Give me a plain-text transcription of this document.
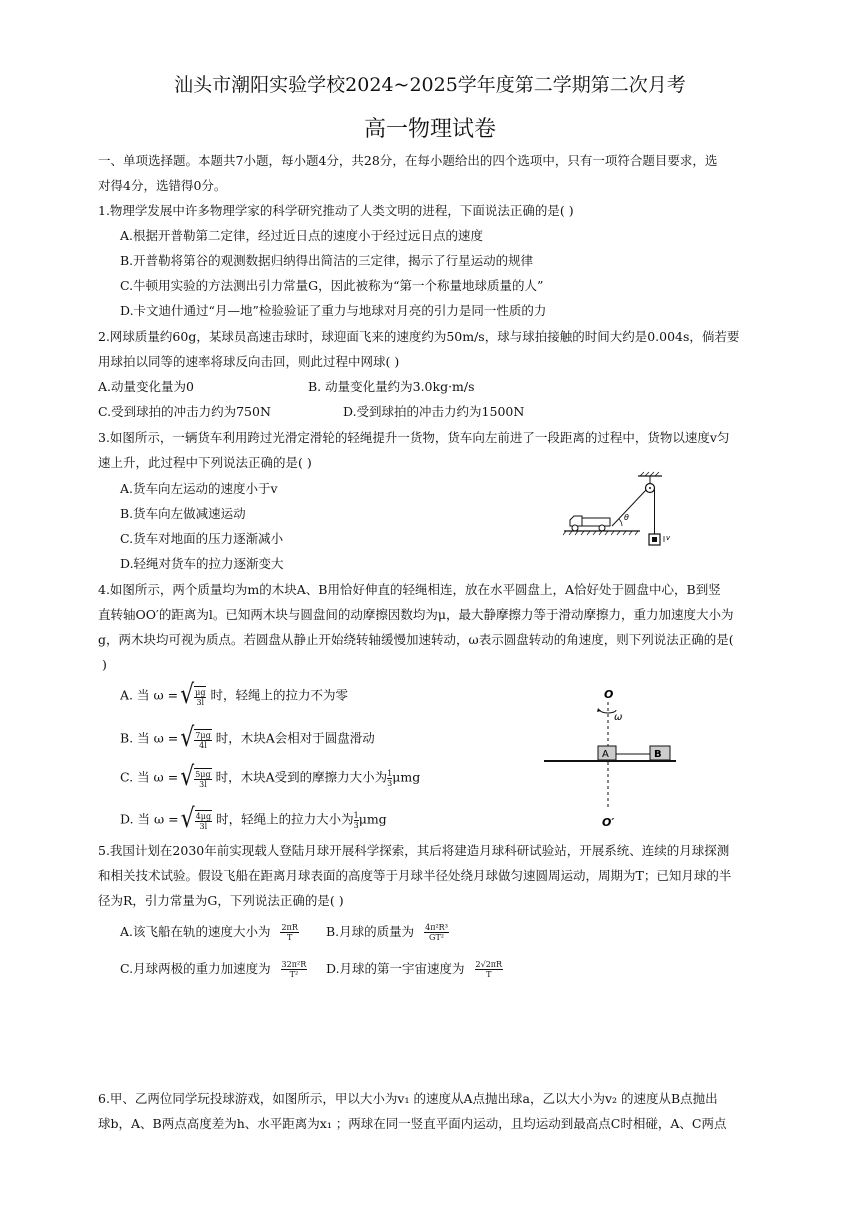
汕头市潮阳实验学校2024~2025学年度第二学期第二次月考
高一物理试卷
一、单项选择题。本题共7小题，每小题4分，共28分，在每小题给出的四个选项中，只有一项符合题目要求，选
对得4分，选错得0分。
1.物理学发展中许多物理学家的科学研究推动了人类文明的进程，下面说法正确的是( )
A.根据开普勒第二定律，经过近日点的速度小于经过远日点的速度
B.开普勒将第谷的观测数据归纳得出简洁的三定律，揭示了行星运动的规律
C.牛顿用实验的方法测出引力常量G，因此被称为“第一个称量地球质量的人”
D.卡文迪什通过“月—地”检验验证了重力与地球对月亮的引力是同一性质的力
2.网球质量约60g，某球员高速击球时，球迎面飞来的速度约为50m/s，球与球拍接触的时间大约是0.004s，倘若要
用球拍以同等的速率将球反向击回，则此过程中网球( )
A.动量变化量为0	B. 动量变化量约为3.0kg·m/s
C.受到球拍的冲击力约为750N	D.受到球拍的冲击力约为1500N
3.如图所示，一辆货车利用跨过光滑定滑轮的轻绳提升一货物，货车向左前进了一段距离的过程中，货物以速度v匀
速上升，此过程中下列说法正确的是( )
A.货车向左运动的速度小于v
B.货车向左做减速运动
C.货车对地面的压力逐渐减小
D.轻绳对货车的拉力逐渐变大
θ
v
4.如图所示，两个质量均为m的木块A、B用恰好伸直的轻绳相连，放在水平圆盘上，A恰好处于圆盘中心，B到竖
直转轴OO′的距离为l。已知两木块与圆盘间的动摩擦因数均为μ，最大静摩擦力等于滑动摩擦力，重力加速度大小为
g，两木块均可视为质点。若圆盘从静止开始绕转轴缓慢加速转动，ω表示圆盘转动的角速度，则下列说法正确的是(
)
A. 当 ω = √ $\frac{\mu g}{3l}$ 时，轻绳上的拉力不为零
B. 当 ω = √ $\frac{7\mu g}{4l}$ 时，木块A会相对于圆盘滑动
C. 当 ω = √ $\frac{5\mu g}{3l}$ 时，木块A受到的摩擦力大小为 $\frac{1}{3}\mu mg$
D. 当 ω = √ $\frac{4\mu g}{3l}$ 时，轻绳上的拉力大小为 $\frac{1}{3}\mu mg$
O
ω
A	B
O′
5.我国计划在2030年前实现载人登陆月球开展科学探索，其后将建造月球科研试验站，开展系统、连续的月球探测
和相关技术试验。假设飞船在距离月球表面的高度等于月球半径处绕月球做匀速圆周运动，周期为T；已知月球的半
径为R，引力常量为G，下列说法正确的是( )
A.该飞船在轨的速度大小为 $\frac{2\pi R}{T} B$.月球的质量为 $\frac{\text{4π²R³}}{\text{GT²}}$
C.月球两极的重力加速度为 $\frac{\text{32π²R}}{\text{T²}} D$.月球的第一宇宙速度为 $\frac{2√2\pi R}{T}$
6.甲、乙两位同学玩投球游戏，如图所示，甲以大小为v₁ 的速度从A点抛出球a，乙以大小为v₂ 的速度从B点抛出
球b，A、B两点高度差为h、水平距离为x₁ ；两球在同一竖直平面内运动，且均运动到最高点C时相碰，A、C两点
